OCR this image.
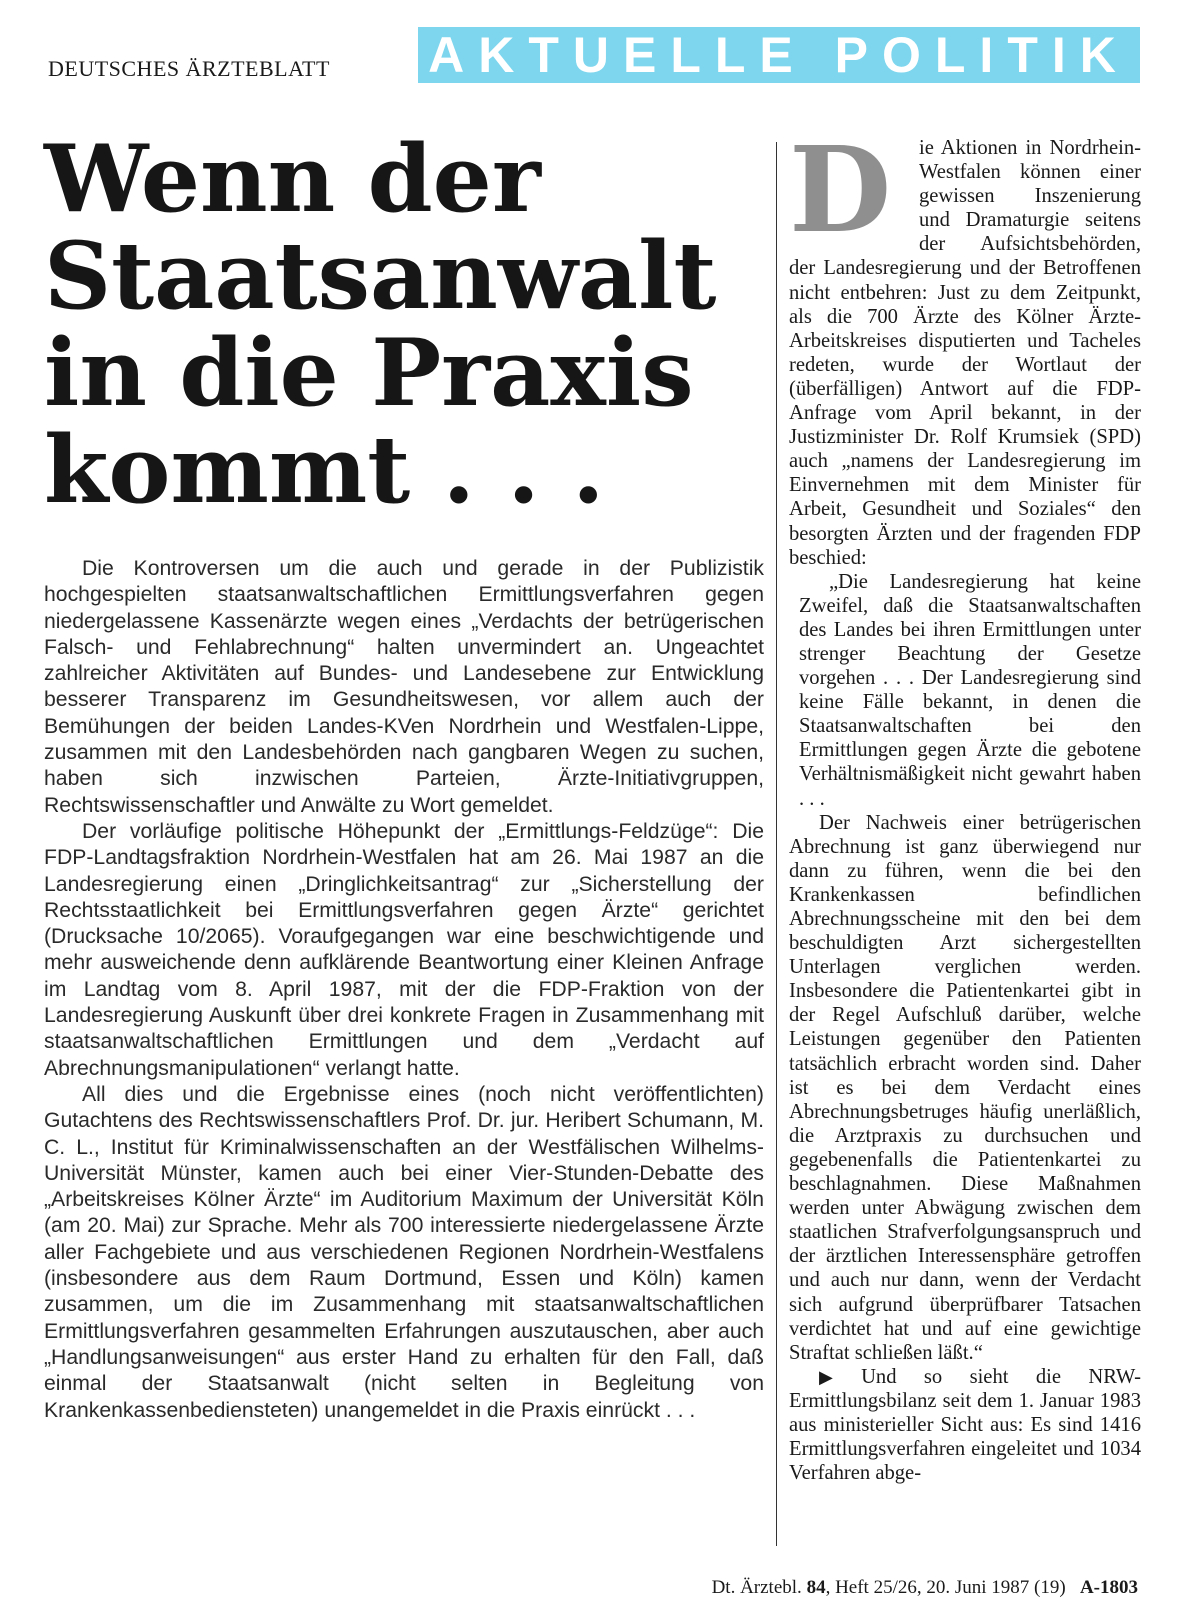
DEUTSCHES ÄRZTEBLATT AKTUELLE POLITIK
Wenn der
Staatsanwalt
in die Praxis
kommt . . .

Die Kontroversen um die auch und gerade in der Publizistik hochgespielten staatsanwaltschaftlichen Ermittlungsverfahren gegen niedergelassene Kassenärzte wegen eines „Verdachts der betrügerischen Falsch- und Fehlabrechnung“ halten unvermindert an. Ungeachtet zahlreicher Aktivitäten auf Bundes- und Landesebene zur Entwicklung besserer Transparenz im Gesundheitswesen, vor allem auch der Bemühungen der beiden Landes-KVen Nordrhein und Westfalen-Lippe, zusammen mit den Landesbehörden nach gangbaren Wegen zu suchen, haben sich inzwischen Parteien, Ärzte-Initiativgruppen, Rechtswissenschaftler und Anwälte zu Wort gemeldet.

Der vorläufige politische Höhepunkt der „Ermittlungs-Feldzüge“: Die FDP-Landtagsfraktion Nordrhein-Westfalen hat am 26. Mai 1987 an die Landesregierung einen „Dringlichkeitsantrag“ zur „Sicherstellung der Rechtsstaatlichkeit bei Ermittlungsverfahren gegen Ärzte“ gerichtet (Drucksache 10/2065). Voraufgegangen war eine beschwichtigende und mehr ausweichende denn aufklärende Beantwortung einer Kleinen Anfrage im Landtag vom 8. April 1987, mit der die FDP-Fraktion von der Landesregierung Auskunft über drei konkrete Fragen in Zusammenhang mit staatsanwaltschaftlichen Ermittlungen und dem „Verdacht auf Abrechnungsmanipulationen“ verlangt hatte.

All dies und die Ergebnisse eines (noch nicht veröffentlichten) Gutachtens des Rechtswissenschaftlers Prof. Dr. jur. Heribert Schumann, M. C. L., Institut für Kriminalwissenschaften an der Westfälischen Wilhelms-Universität Münster, kamen auch bei einer Vier-Stunden-Debatte des „Arbeitskreises Kölner Ärzte“ im Auditorium Maximum der Universität Köln (am 20. Mai) zur Sprache. Mehr als 700 interessierte niedergelassene Ärzte aller Fachgebiete und aus verschiedenen Regionen Nordrhein-Westfalens (insbesondere aus dem Raum Dortmund, Essen und Köln) kamen zusammen, um die im Zusammenhang mit staatsanwaltschaftlichen Ermittlungsverfahren gesammelten Erfahrungen auszutauschen, aber auch „Handlungsanweisungen“ aus erster Hand zu erhalten für den Fall, daß einmal der Staatsanwalt (nicht selten in Begleitung von Krankenkassenbediensteten) unangemeldet in die Praxis einrückt . . .

D	ie Aktionen in Nordrhein-Westfalen können einer gewissen Inszenierung und Dramaturgie seitens der Aufsichtsbehörden, der Landesregierung und der Betroffenen nicht entbehren: Just zu dem Zeitpunkt, als die 700 Ärzte des Kölner Ärzte-Arbeitskreises disputierten und Tacheles redeten, wurde der Wortlaut der (überfälligen) Antwort auf die FDP-Anfrage vom April bekannt, in der Justizminister Dr. Rolf Krumsiek (SPD) auch „namens der Landesregierung im Einvernehmen mit dem Minister für Arbeit, Gesundheit und Soziales“ den besorgten Ärzten und der fragenden FDP beschied:

„Die Landesregierung hat keine Zweifel, daß die Staatsanwaltschaften des Landes bei ihren Ermittlungen unter strenger Beachtung der Gesetze vorgehen . . . Der Landesregierung sind keine Fälle bekannt, in denen die Staatsanwaltschaften bei den Ermittlungen gegen Ärzte die gebotene Verhältnismäßigkeit nicht gewahrt haben . . .

Der Nachweis einer betrügerischen Abrechnung ist ganz überwiegend nur dann zu führen, wenn die bei den Krankenkassen befindlichen Abrechnungsscheine mit den bei dem beschuldigten Arzt sichergestellten Unterlagen verglichen werden. Insbesondere die Patientenkartei gibt in der Regel Aufschluß darüber, welche Leistungen gegenüber den Patienten tatsächlich erbracht worden sind. Daher ist es bei dem Verdacht eines Abrechnungsbetruges häufig unerläßlich, die Arztpraxis zu durchsuchen und gegebenenfalls die Patientenkartei zu beschlagnahmen. Diese Maßnahmen werden unter Abwägung zwischen dem staatlichen Strafverfolgungsanspruch und der ärztlichen Interessensphäre getroffen und auch nur dann, wenn der Verdacht sich aufgrund überprüfbarer Tatsachen verdichtet hat und auf eine gewichtige Straftat schließen läßt.“

▶ Und so sieht die NRW-Ermittlungsbilanz seit dem 1. Januar 1983 aus ministerieller Sicht aus: Es sind 1416 Ermittlungsverfahren eingeleitet und 1034 Verfahren abge-

Dt. Ärztebl. 84, Heft 25/26, 20. Juni 1987 (19) A-1803
